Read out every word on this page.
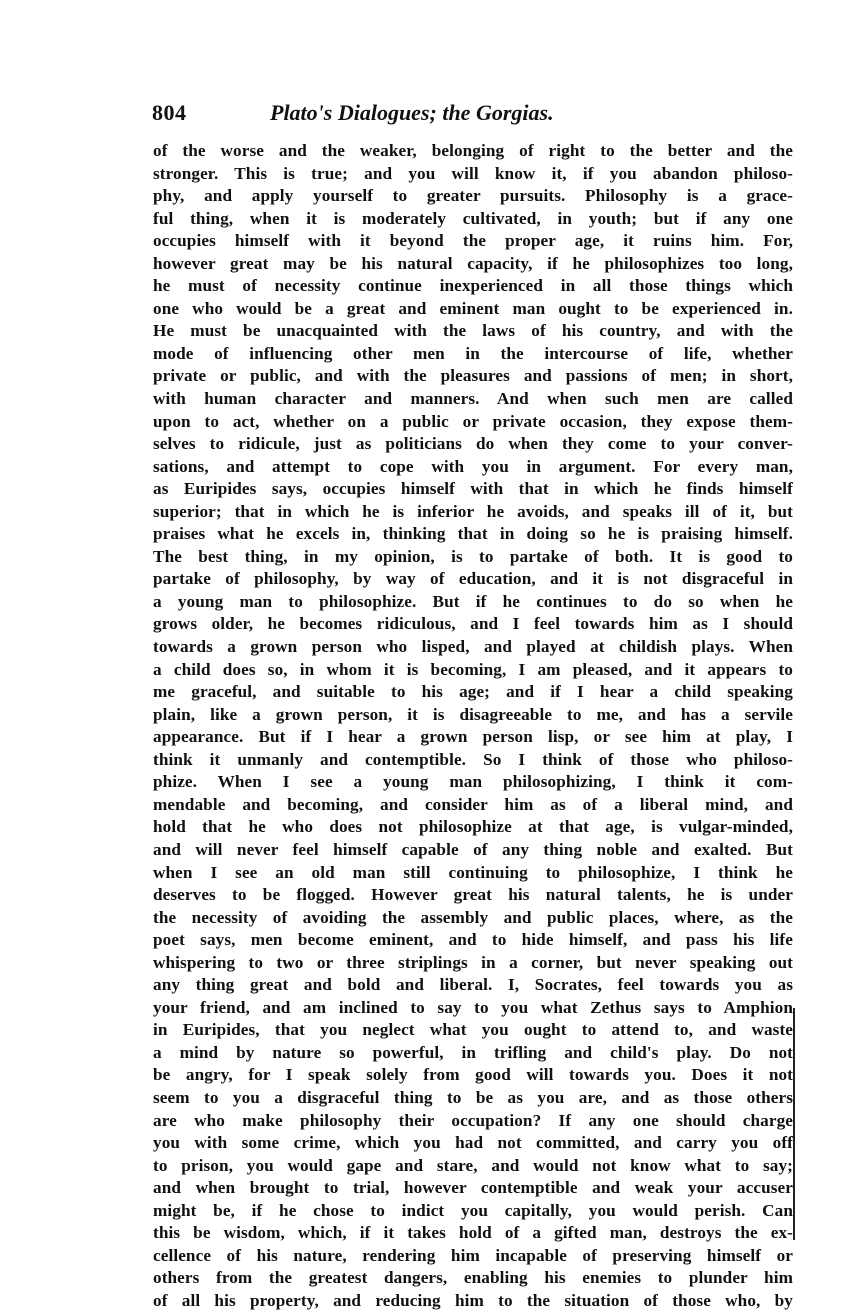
804	Plato's Dialogues; the Gorgias.
of the worse and the weaker, belonging of right to the better and the
stronger. This is true; and you will know it, if you abandon philoso-
phy, and apply yourself to greater pursuits. Philosophy is a grace-
ful thing, when it is moderately cultivated, in youth; but if any one
occupies himself with it beyond the proper age, it ruins him. For,
however great may be his natural capacity, if he philosophizes too long,
he must of necessity continue inexperienced in all those things which
one who would be a great and eminent man ought to be experienced in.
He must be unacquainted with the laws of his country, and with the
mode of influencing other men in the intercourse of life, whether
private or public, and with the pleasures and passions of men; in short,
with human character and manners. And when such men are called
upon to act, whether on a public or private occasion, they expose them-
selves to ridicule, just as politicians do when they come to your conver-
sations, and attempt to cope with you in argument. For every man,
as Euripides says, occupies himself with that in which he finds himself
superior; that in which he is inferior he avoids, and speaks ill of it, but
praises what he excels in, thinking that in doing so he is praising himself.
The best thing, in my opinion, is to partake of both. It is good to
partake of philosophy, by way of education, and it is not disgraceful in
a young man to philosophize. But if he continues to do so when he
grows older, he becomes ridiculous, and I feel towards him as I should
towards a grown person who lisped, and played at childish plays. When
a child does so, in whom it is becoming, I am pleased, and it appears to
me graceful, and suitable to his age; and if I hear a child speaking
plain, like a grown person, it is disagreeable to me, and has a servile
appearance. But if I hear a grown person lisp, or see him at play, I
think it unmanly and contemptible. So I think of those who philoso-
phize. When I see a young man philosophizing, I think it com-
mendable and becoming, and consider him as of a liberal mind, and
hold that he who does not philosophize at that age, is vulgar-minded,
and will never feel himself capable of any thing noble and exalted. But
when I see an old man still continuing to philosophize, I think he
deserves to be flogged. However great his natural talents, he is under
the necessity of avoiding the assembly and public places, where, as the
poet says, men become eminent, and to hide himself, and pass his life
whispering to two or three striplings in a corner, but never speaking out
any thing great and bold and liberal. I, Socrates, feel towards you as
your friend, and am inclined to say to you what Zethus says to Amphion
in Euripides, that you neglect what you ought to attend to, and waste
a mind by nature so powerful, in trifling and child's play. Do not
be angry, for I speak solely from good will towards you. Does it not
seem to you a disgraceful thing to be as you are, and as those others
are who make philosophy their occupation? If any one should charge
you with some crime, which you had not committed, and carry you off
to prison, you would gape and stare, and would not know what to say;
and when brought to trial, however contemptible and weak your accuser
might be, if he chose to indict you capitally, you would perish. Can
this be wisdom, which, if it takes hold of a gifted man, destroys the ex-
cellence of his nature, rendering him incapable of preserving himself or
others from the greatest dangers, enabling his enemies to plunder him
of all his property, and reducing him to the situation of those who, by
